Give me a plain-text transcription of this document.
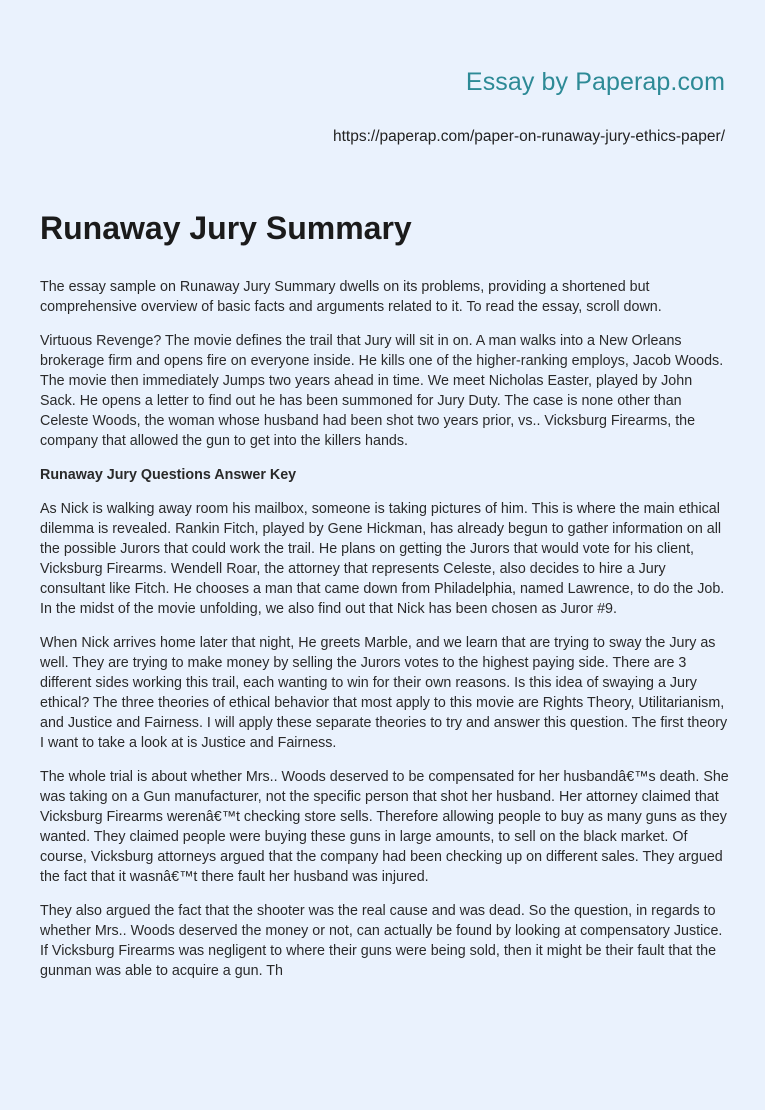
Essay by Paperap.com
https://paperap.com/paper-on-runaway-jury-ethics-paper/
Runaway Jury Summary

The essay sample on Runaway Jury Summary dwells on its problems, providing a shortened but comprehensive overview of basic facts and arguments related to it. To read the essay, scroll down.

Virtuous Revenge? The movie defines the trail that Jury will sit in on. A man walks into a New Orleans brokerage firm and opens fire on everyone inside. He kills one of the higher-ranking employs, Jacob Woods. The movie then immediately Jumps two years ahead in time. We meet Nicholas Easter, played by John Sack. He opens a letter to find out he has been summoned for Jury Duty. The case is none other than Celeste Woods, the woman whose husband had been shot two years prior, vs.. Vicksburg Firearms, the company that allowed the gun to get into the killers hands.

Runaway Jury Questions Answer Key

As Nick is walking away room his mailbox, someone is taking pictures of him. This is where the main ethical dilemma is revealed. Rankin Fitch, played by Gene Hickman, has already begun to gather information on all the possible Jurors that could work the trail. He plans on getting the Jurors that would vote for his client, Vicksburg Firearms. Wendell Roar, the attorney that represents Celeste, also decides to hire a Jury consultant like Fitch. He chooses a man that came down from Philadelphia, named Lawrence, to do the Job. In the midst of the movie unfolding, we also find out that Nick has been chosen as Juror #9.

When Nick arrives home later that night, He greets Marble, and we learn that are trying to sway the Jury as well. They are trying to make money by selling the Jurors votes to the highest paying side. There are 3 different sides working this trail, each wanting to win for their own reasons. Is this idea of swaying a Jury ethical? The three theories of ethical behavior that most apply to this movie are Rights Theory, Utilitarianism, and Justice and Fairness. I will apply these separate theories to try and answer this question. The first theory I want to take a look at is Justice and Fairness.

The whole trial is about whether Mrs.. Woods deserved to be compensated for her husbandâ€™s death. She was taking on a Gun manufacturer, not the specific person that shot her husband. Her attorney claimed that Vicksburg Firearms werenâ€™t checking store sells. Therefore allowing people to buy as many guns as they wanted. They claimed people were buying these guns in large amounts, to sell on the black market. Of course, Vicksburg attorneys argued that the company had been checking up on different sales. They argued the fact that it wasnâ€™t there fault her husband was injured.

They also argued the fact that the shooter was the real cause and was dead. So the question, in regards to whether Mrs.. Woods deserved the money or not, can actually be found by looking at compensatory Justice. If Vicksburg Firearms was negligent to where their guns were being sold, then it might be their fault that the gunman was able to acquire a gun. Th
